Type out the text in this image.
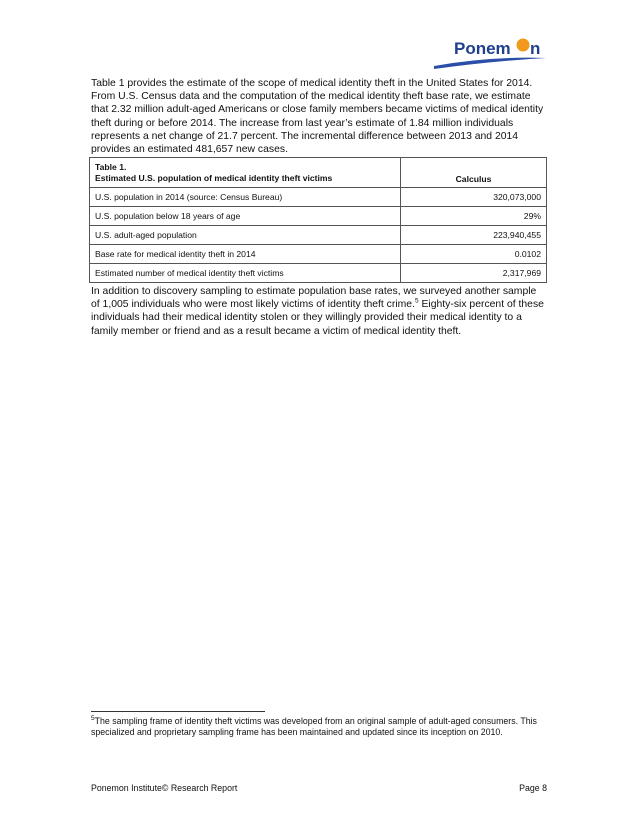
Ponem n
INSTITUTE

Table 1 provides the estimate of the scope of medical identity theft in the United States for 2014. From U.S. Census data and the computation of the medical identity theft base rate, we estimate that 2.32 million adult-aged Americans or close family members became victims of medical identity theft during or before 2014. The increase from last year’s estimate of 1.84 million individuals represents a net change of 21.7 percent. The incremental difference between 2013 and 2014 provides an estimated 481,657 new cases.

Table 1.
Estimated U.S. population of medical identity theft victims	Calculus
U.S. population in 2014 (source: Census Bureau)	320,073,000
U.S. population below 18 years of age	29%
U.S. adult-aged population	223,940,455
Base rate for medical identity theft in 2014	0.0102
Estimated number of medical identity theft victims	2,317,969

In addition to discovery sampling to estimate population base rates, we surveyed another sample of 1,005 individuals who were most likely victims of identity theft crime.$^5$ Eighty-six percent of these individuals had their medical identity stolen or they willingly provided their medical identity to a family member or friend and as a result became a victim of medical identity theft.

$^5$The sampling frame of identity theft victims was developed from an original sample of adult-aged consumers. This specialized and proprietary sampling frame has been maintained and updated since its inception on 2010.
Ponemon Institute© Research Report	Page 8
